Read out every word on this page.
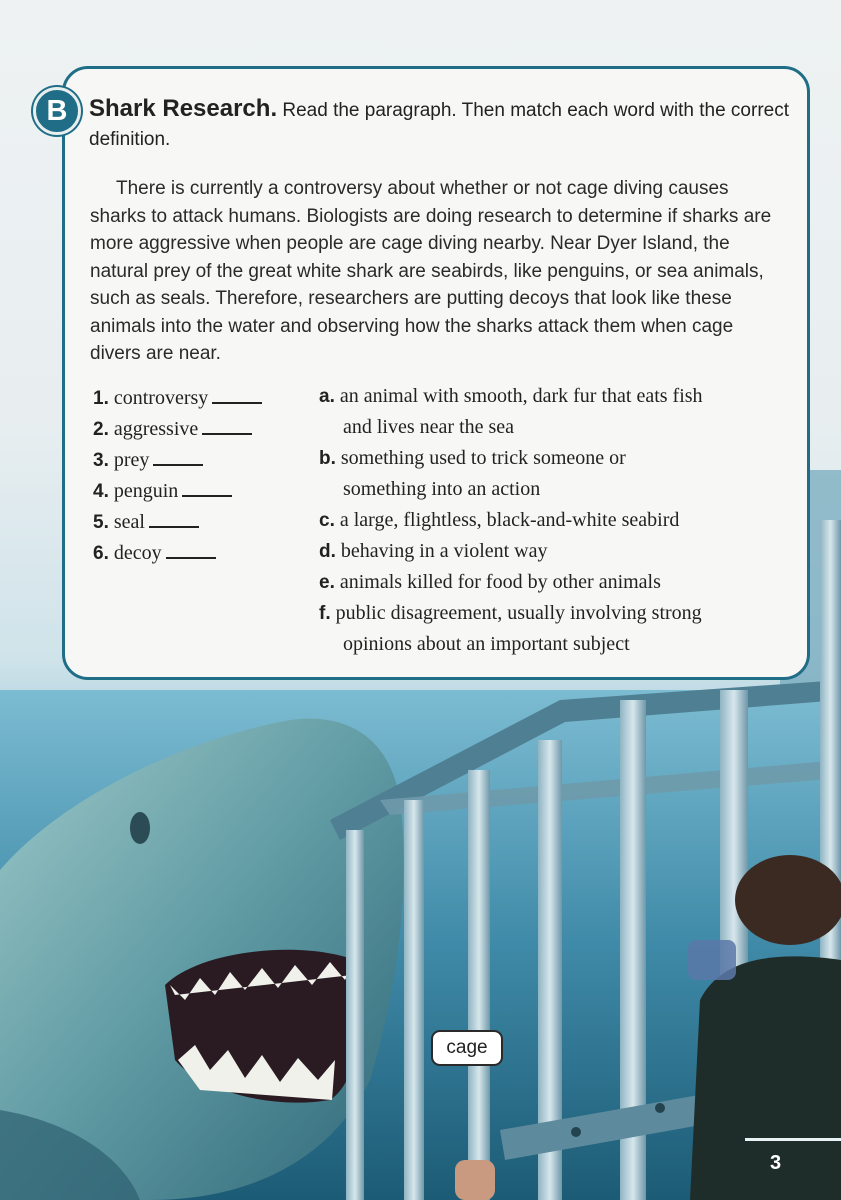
B Shark Research. Read the paragraph. Then match each word with the correct definition.
There is currently a controversy about whether or not cage diving causes sharks to attack humans. Biologists are doing research to determine if sharks are more aggressive when people are cage diving nearby. Near Dyer Island, the natural prey of the great white shark are seabirds, like penguins, or sea animals, such as seals. Therefore, researchers are putting decoys that look like these animals into the water and observing how the sharks attack them when cage divers are near.
1. controversy
2. aggressive
3. prey
4. penguin
5. seal
6. decoy
a. an animal with smooth, dark fur that eats fish
and lives near the sea
b. something used to trick someone or
something into an action
c. a large, flightless, black-and-white seabird
d. behaving in a violent way
e. animals killed for food by other animals
f. public disagreement, usually involving strong
opinions about an important subject
cage
3
